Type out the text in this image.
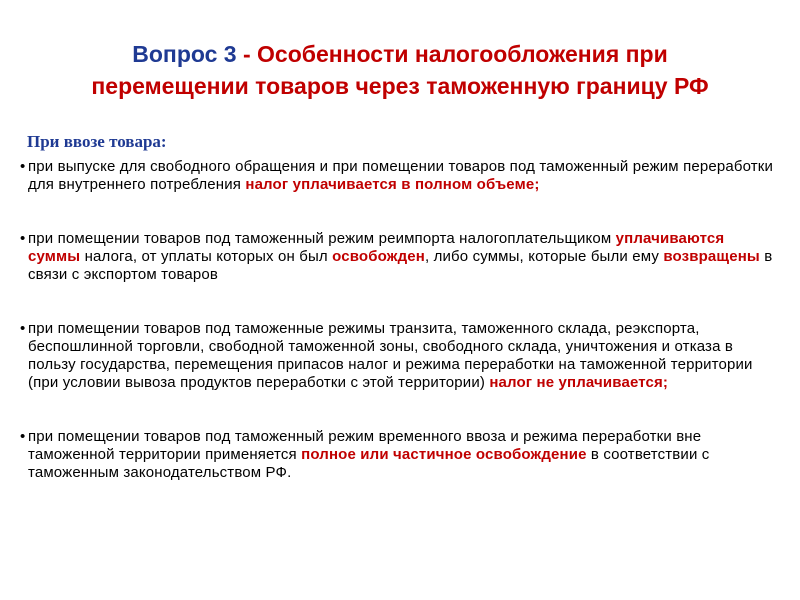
Вопрос 3 - Особенности налогообложения при
перемещении товаров через таможенную границу РФ

При ввозе товара:

• при выпуске для свободного обращения и при помещении товаров под таможенный режим переработки для внутреннего потребления налог уплачивается в полном объеме;
• при помещении товаров под таможенный режим реимпорта налогоплательщиком уплачиваются суммы налога, от уплаты которых он был освобожден, либо суммы, которые были ему возвращены в связи с экспортом товаров
• при помещении товаров под таможенные режимы транзита, таможенного склада, реэкспорта, беспошлинной торговли, свободной таможенной зоны, свободного склада, уничтожения и отказа в пользу государства, перемещения припасов налог и режима переработки на таможенной территории (при условии вывоза продуктов переработки с этой территории) налог не уплачивается;
• при помещении товаров под таможенный режим временного ввоза и режима переработки вне таможенной территории применяется полное или частичное освобождение в соответствии с таможенным законодательством РФ.
